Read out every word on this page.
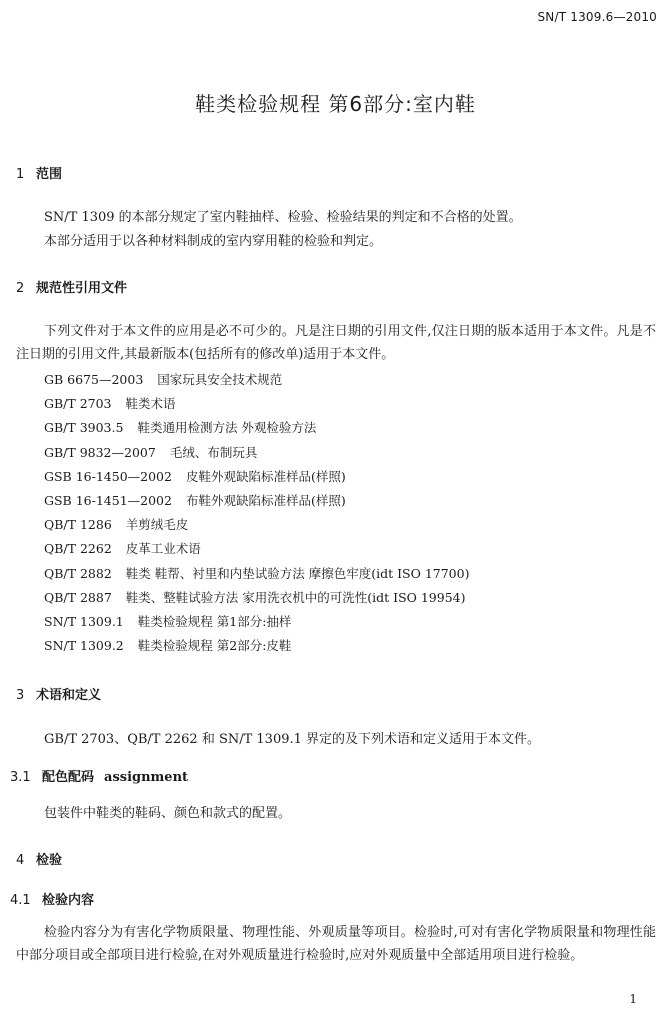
SN/T 1309.6—2010
鞋类检验规程 第6部分:室内鞋
1 范围
SN/T 1309 的本部分规定了室内鞋抽样、检验、检验结果的判定和不合格的处置。
本部分适用于以各种材料制成的室内穿用鞋的检验和判定。
2 规范性引用文件
下列文件对于本文件的应用是必不可少的。凡是注日期的引用文件,仅注日期的版本适用于本文件。凡是不注日期的引用文件,其最新版本(包括所有的修改单)适用于本文件。
GB 6675—2003 国家玩具安全技术规范
GB/T 2703 鞋类术语
GB/T 3903.5 鞋类通用检测方法 外观检验方法
GB/T 9832—2007 毛绒、布制玩具
GSB 16-1450—2002 皮鞋外观缺陷标准样品(样照)
GSB 16-1451—2002 布鞋外观缺陷标准样品(样照)
QB/T 1286 羊剪绒毛皮
QB/T 2262 皮革工业术语
QB/T 2882 鞋类 鞋帮、衬里和内垫试验方法 摩擦色牢度(idt ISO 17700)
QB/T 2887 鞋类、整鞋试验方法 家用洗衣机中的可洗性(idt ISO 19954)
SN/T 1309.1 鞋类检验规程 第1部分:抽样
SN/T 1309.2 鞋类检验规程 第2部分:皮鞋
3 术语和定义
GB/T 2703、QB/T 2262 和 SN/T 1309.1 界定的及下列术语和定义适用于本文件。
3.1 配色配码 assignment
包装件中鞋类的鞋码、颜色和款式的配置。
4 检验
4.1 检验内容
检验内容分为有害化学物质限量、物理性能、外观质量等项目。检验时,可对有害化学物质限量和物理性能中部分项目或全部项目进行检验,在对外观质量进行检验时,应对外观质量中全部适用项目进行检验。
1
